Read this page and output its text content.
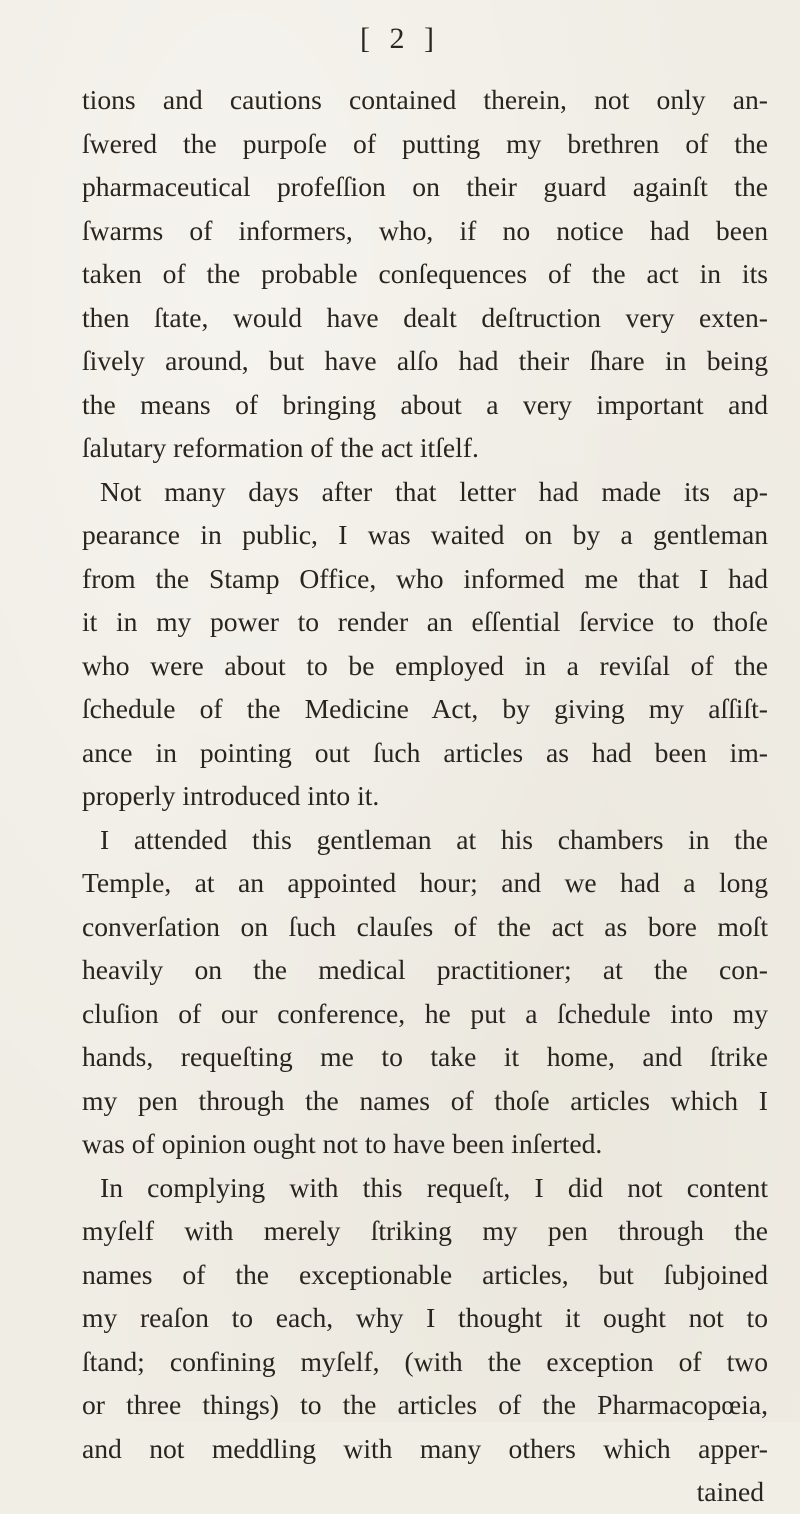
[ 2 ]
tions and cautions contained therein, not only an-
ſwered the purpoſe of putting my brethren of the
pharmaceutical profeſſion on their guard againſt the
ſwarms of informers, who, if no notice had been
taken of the probable conſequences of the act in its
then ſtate, would have dealt deſtruction very exten-
ſively around, but have alſo had their ſhare in being
the means of bringing about a very important and
ſalutary reformation of the act itſelf.
Not many days after that letter had made its ap-
pearance in public, I was waited on by a gentleman
from the Stamp Office, who informed me that I had
it in my power to render an eſſential ſervice to thoſe
who were about to be employed in a reviſal of the
ſchedule of the Medicine Act, by giving my aſſiſt-
ance in pointing out ſuch articles as had been im-
properly introduced into it.
I attended this gentleman at his chambers in the
Temple, at an appointed hour; and we had a long
converſation on ſuch clauſes of the act as bore moſt
heavily on the medical practitioner; at the con-
cluſion of our conference, he put a ſchedule into my
hands, requeſting me to take it home, and ſtrike
my pen through the names of thoſe articles which I
was of opinion ought not to have been inſerted.
In complying with this requeſt, I did not content
myſelf with merely ſtriking my pen through the
names of the exceptionable articles, but ſubjoined
my reaſon to each, why I thought it ought not to
ſtand; confining myſelf, (with the exception of two
or three things) to the articles of the Pharmacopœia,
and not meddling with many others which apper-
tained
